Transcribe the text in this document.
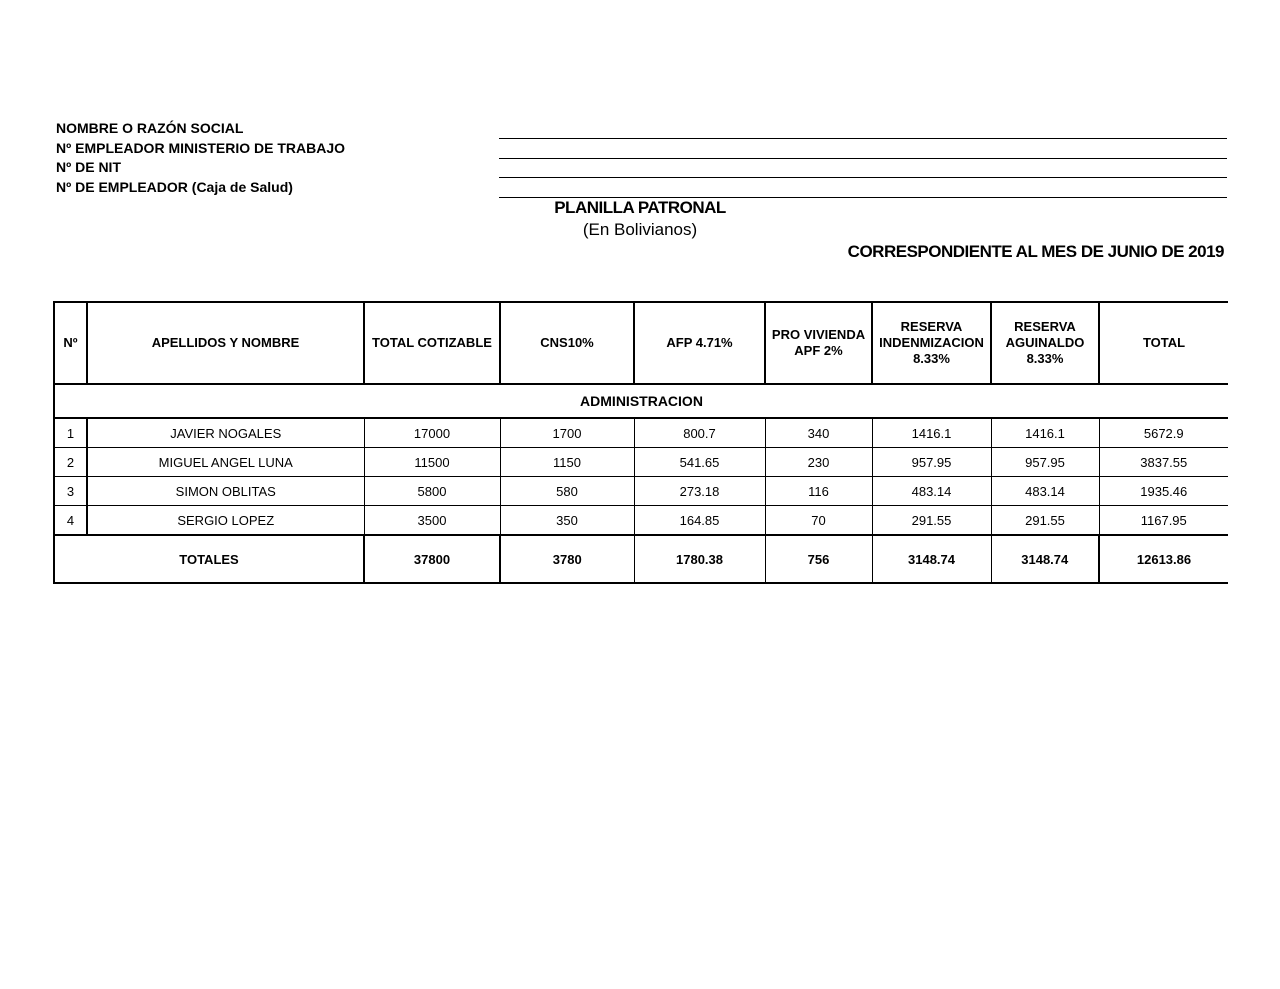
NOMBRE O RAZÓN SOCIAL
Nº EMPLEADOR MINISTERIO DE TRABAJO
Nº DE NIT
Nº DE EMPLEADOR (Caja de Salud)
PLANILLA PATRONAL
(En Bolivianos)
CORRESPONDIENTE AL MES DE JUNIO DE 2019
Nº	APELLIDOS Y NOMBRE	TOTAL COTIZABLE	CNS10%	AFP 4.71%	PRO VIVIENDA APF 2%	RESERVA INDENMIZACION 8.33%	RESERVA AGUINALDO 8.33%	TOTAL
ADMINISTRACION								
1	JAVIER NOGALES	17000	1700	800.7	340	1416.1	1416.1	5672.9
2	MIGUEL ANGEL LUNA	11500	1150	541.65	230	957.95	957.95	3837.55
3	SIMON OBLITAS	5800	580	273.18	116	483.14	483.14	1935.46
4	SERGIO LOPEZ	3500	350	164.85	70	291.55	291.55	1167.95
TOTALES		37800	3780	1780.38	756	3148.74	3148.74	12613.86
